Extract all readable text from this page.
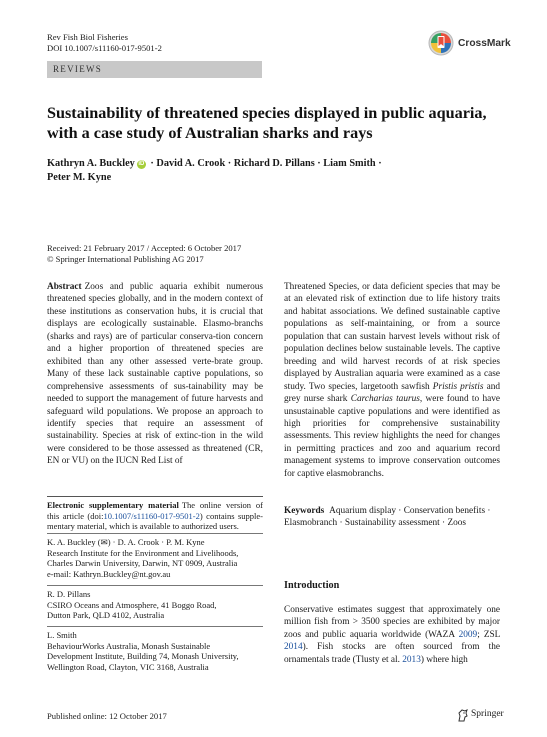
Rev Fish Biol Fisheries
DOI 10.1007/s11160-017-9501-2	CrossMark
REVIEWS
Sustainability of threatened species displayed in public aquaria, with a case study of Australian sharks and rays
Kathryn A. Buckley iD · David A. Crook · Richard D. Pillans · Liam Smith ·
Peter M. Kyne
Received: 21 February 2017 / Accepted: 6 October 2017
© Springer International Publishing AG 2017

Abstract Zoos and public aquaria exhibit numerous threatened species globally, and in the modern context of these institutions as conservation hubs, it is crucial that displays are ecologically sustainable. Elasmo-branchs (sharks and rays) are of particular conserva-tion concern and a higher proportion of threatened species are exhibited than any other assessed verte-brate group. Many of these lack sustainable captive populations, so comprehensive assessments of sus-tainability may be needed to support the management of future harvests and safeguard wild populations. We propose an approach to identify species that require an assessment of sustainability. Species at risk of extinc-tion in the wild were considered to be those assessed as threatened (CR, EN or VU) on the IUCN Red List of

Threatened Species, or data deficient species that may be at an elevated risk of extinction due to life history traits and habitat associations. We defined sustainable captive populations as self-maintaining, or from a source population that can sustain harvest levels without risk of population declines below sustainable levels. The captive breeding and wild harvest records of at risk species displayed by Australian aquaria were examined as a case study. Two species, largetooth sawfish Pristis pristis and grey nurse shark Carcharias taurus, were found to have unsustainable captive populations and were identified as high priorities for comprehensive sustainability assessments. This review highlights the need for changes in permitting practices and zoo and aquarium record management systems to improve conservation outcomes for captive elasmobranchs.

Electronic supplementary material The online version of this article (doi:10.1007/s11160-017-9501-2) contains supple-mentary material, which is available to authorized users.
K. A. Buckley (✉) · D. A. Crook · P. M. Kyne
Research Institute for the Environment and Livelihoods,
Charles Darwin University, Darwin, NT 0909, Australia
e-mail: Kathryn.Buckley@nt.gov.au
R. D. Pillans
CSIRO Oceans and Atmosphere, 41 Boggo Road,
Dutton Park, QLD 4102, Australia
L. Smith
BehaviourWorks Australia, Monash Sustainable
Development Institute, Building 74, Monash University,
Wellington Road, Clayton, VIC 3168, Australia
Keywords Aquarium display · Conservation benefits · Elasmobranch · Sustainability assessment · Zoos
Introduction
Conservative estimates suggest that approximately one million fish from > 3500 species are exhibited by major zoos and public aquaria worldwide (WAZA 2009; ZSL 2014). Fish stocks are often sourced from the ornamentals trade (Tlusty et al. 2013) where high
Published online: 12 October 2017	Springer
